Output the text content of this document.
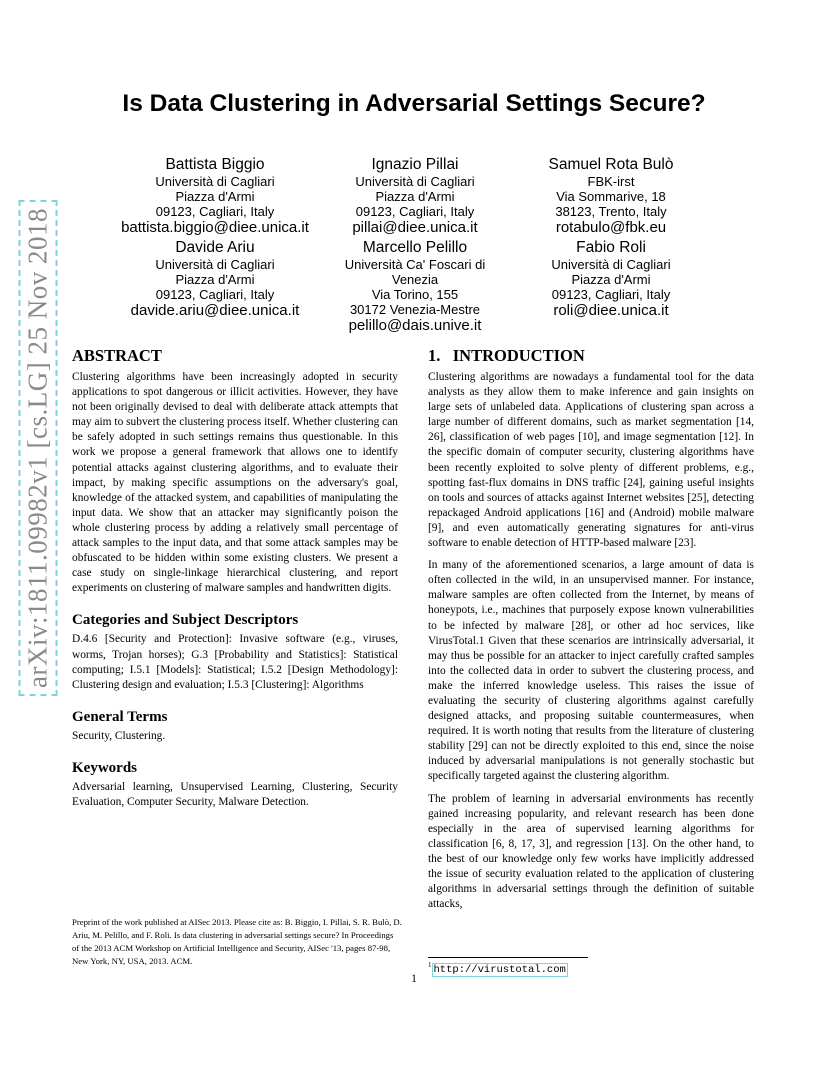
arXiv:1811.09982v1 [cs.LG] 25 Nov 2018
Is Data Clustering in Adversarial Settings Secure?
Battista Biggio
Università di Cagliari
Piazza d'Armi
09123, Cagliari, Italy
battista.biggio@diee.unica.it
Ignazio Pillai
Università di Cagliari
Piazza d'Armi
09123, Cagliari, Italy
pillai@diee.unica.it
Samuel Rota Bulò
FBK-irst
Via Sommarive, 18
38123, Trento, Italy
rotabulo@fbk.eu
Davide Ariu
Università di Cagliari
Piazza d'Armi
09123, Cagliari, Italy
davide.ariu@diee.unica.it
Marcello Pelillo
Università Ca' Foscari di
Venezia
Via Torino, 155
30172 Venezia-Mestre
pelillo@dais.unive.it
Fabio Roli
Università di Cagliari
Piazza d'Armi
09123, Cagliari, Italy
roli@diee.unica.it
ABSTRACT

Clustering algorithms have been increasingly adopted in security applications to spot dangerous or illicit activities. However, they have not been originally devised to deal with deliberate attack attempts that may aim to subvert the clustering process itself. Whether clustering can be safely adopted in such settings remains thus questionable. In this work we propose a general framework that allows one to identify potential attacks against clustering algorithms, and to evaluate their impact, by making specific assumptions on the adversary's goal, knowledge of the attacked system, and capabilities of manipulating the input data. We show that an attacker may significantly poison the whole clustering process by adding a relatively small percentage of attack samples to the input data, and that some attack samples may be obfuscated to be hidden within some existing clusters. We present a case study on single-linkage hierarchical clustering, and report experiments on clustering of malware samples and handwritten digits.

Categories and Subject Descriptors

D.4.6 [Security and Protection]: Invasive software (e.g., viruses, worms, Trojan horses); G.3 [Probability and Statistics]: Statistical computing; I.5.1 [Models]: Statistical; I.5.2 [Design Methodology]: Clustering design and evaluation; I.5.3 [Clustering]: Algorithms

General Terms

Security, Clustering.

Keywords

Adversarial learning, Unsupervised Learning, Clustering, Security Evaluation, Computer Security, Malware Detection.

Preprint of the work published at AISec 2013. Please cite as: B. Biggio, I. Pillai, S. R. Bulò, D. Ariu, M. Pelillo, and F. Roli. Is data clustering in adversarial settings secure? In Proceedings of the 2013 ACM Workshop on Artificial Intelligence and Security, AISec '13, pages 87-98, New York, NY, USA, 2013. ACM.
1.   INTRODUCTION

Clustering algorithms are nowadays a fundamental tool for the data analysts as they allow them to make inference and gain insights on large sets of unlabeled data. Applications of clustering span across a large number of different domains, such as market segmentation [14, 26], classification of web pages [10], and image segmentation [12]. In the specific domain of computer security, clustering algorithms have been recently exploited to solve plenty of different problems, e.g., spotting fast-flux domains in DNS traffic [24], gaining useful insights on tools and sources of attacks against Internet websites [25], detecting repackaged Android applications [16] and (Android) mobile malware [9], and even automatically generating signatures for anti-virus software to enable detection of HTTP-based malware [23].

In many of the aforementioned scenarios, a large amount of data is often collected in the wild, in an unsupervised manner. For instance, malware samples are often collected from the Internet, by means of honeypots, i.e., machines that purposely expose known vulnerabilities to be infected by malware [28], or other ad hoc services, like VirusTotal.1 Given that these scenarios are intrinsically adversarial, it may thus be possible for an attacker to inject carefully crafted samples into the collected data in order to subvert the clustering process, and make the inferred knowledge useless. This raises the issue of evaluating the security of clustering algorithms against carefully designed attacks, and proposing suitable countermeasures, when required. It is worth noting that results from the literature of clustering stability [29] can not be directly exploited to this end, since the noise induced by adversarial manipulations is not generally stochastic but specifically targeted against the clustering algorithm.

The problem of learning in adversarial environments has recently gained increasing popularity, and relevant research has been done especially in the area of supervised learning algorithms for classification [6, 8, 17, 3], and regression [13]. On the other hand, to the best of our knowledge only few works have implicitly addressed the issue of security evaluation related to the application of clustering algorithms in adversarial settings through the definition of suitable attacks,

$^1$ http://virustotal.com
1
